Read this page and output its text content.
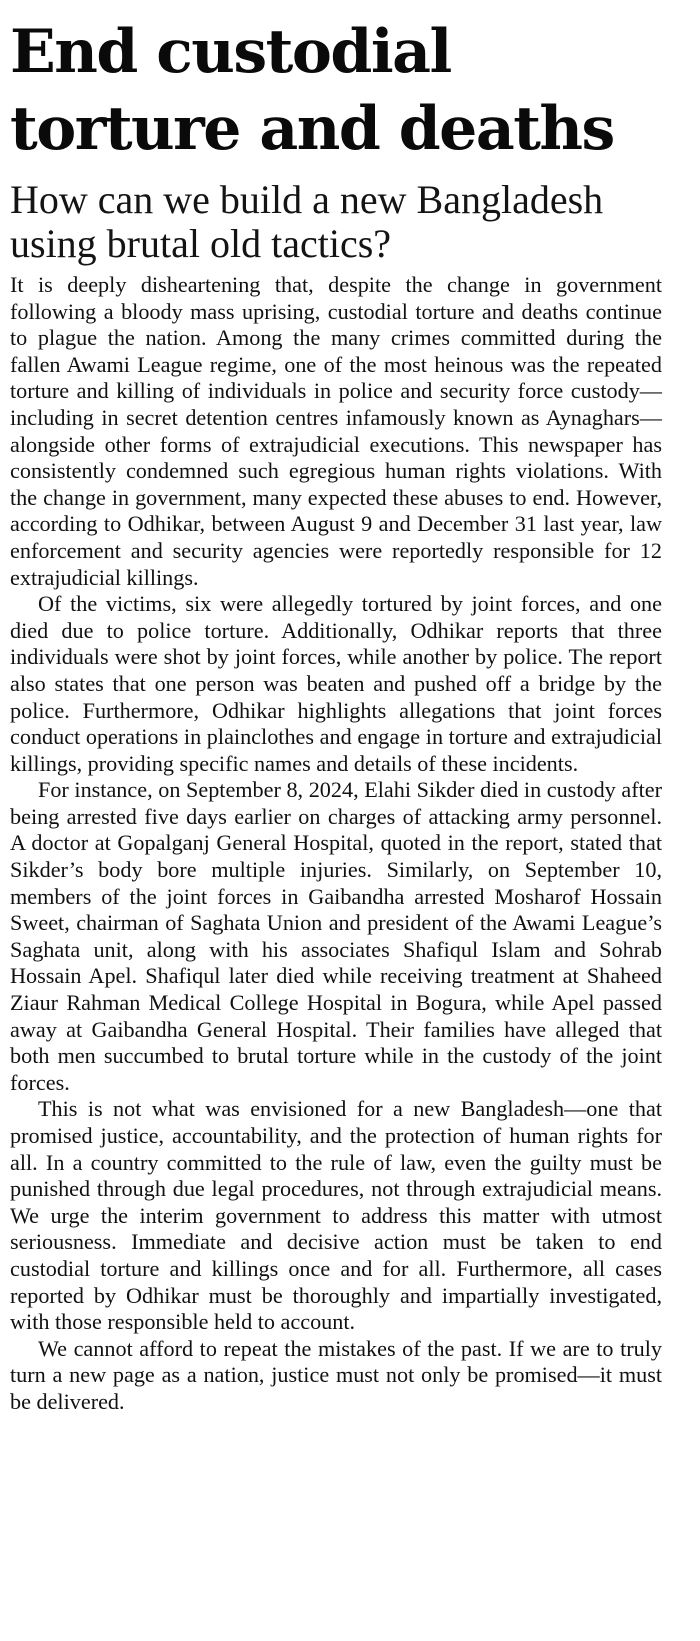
End custodial torture and deaths
How can we build a new Bangladesh using brutal old tactics?

It is deeply disheartening that, despite the change in government following a bloody mass uprising, custodial torture and deaths continue to plague the nation. Among the many crimes committed during the fallen Awami League regime, one of the most heinous was the repeated torture and killing of individuals in police and security force custody—including in secret detention centres infamously known as Aynaghars—alongside other forms of extrajudicial executions. This newspaper has consistently condemned such egregious human rights violations. With the change in government, many expected these abuses to end. However, according to Odhikar, between August 9 and December 31 last year, law enforcement and security agencies were reportedly responsible for 12 extrajudicial killings.

Of the victims, six were allegedly tortured by joint forces, and one died due to police torture. Additionally, Odhikar reports that three individuals were shot by joint forces, while another by police. The report also states that one person was beaten and pushed off a bridge by the police. Furthermore, Odhikar highlights allegations that joint forces conduct operations in plainclothes and engage in torture and extrajudicial killings, providing specific names and details of these incidents.

For instance, on September 8, 2024, Elahi Sikder died in custody after being arrested five days earlier on charges of attacking army personnel. A doctor at Gopalganj General Hospital, quoted in the report, stated that Sikder’s body bore multiple injuries. Similarly, on September 10, members of the joint forces in Gaibandha arrested Mosharof Hossain Sweet, chairman of Saghata Union and president of the Awami League’s Saghata unit, along with his associates Shafiqul Islam and Sohrab Hossain Apel. Shafiqul later died while receiving treatment at Shaheed Ziaur Rahman Medical College Hospital in Bogura, while Apel passed away at Gaibandha General Hospital. Their families have alleged that both men succumbed to brutal torture while in the custody of the joint forces.

This is not what was envisioned for a new Bangladesh—one that promised justice, accountability, and the protection of human rights for all. In a country committed to the rule of law, even the guilty must be punished through due legal procedures, not through extrajudicial means. We urge the interim government to address this matter with utmost seriousness. Immediate and decisive action must be taken to end custodial torture and killings once and for all. Furthermore, all cases reported by Odhikar must be thoroughly and impartially investigated, with those responsible held to account.

We cannot afford to repeat the mistakes of the past. If we are to truly turn a new page as a nation, justice must not only be promised—it must be delivered.
